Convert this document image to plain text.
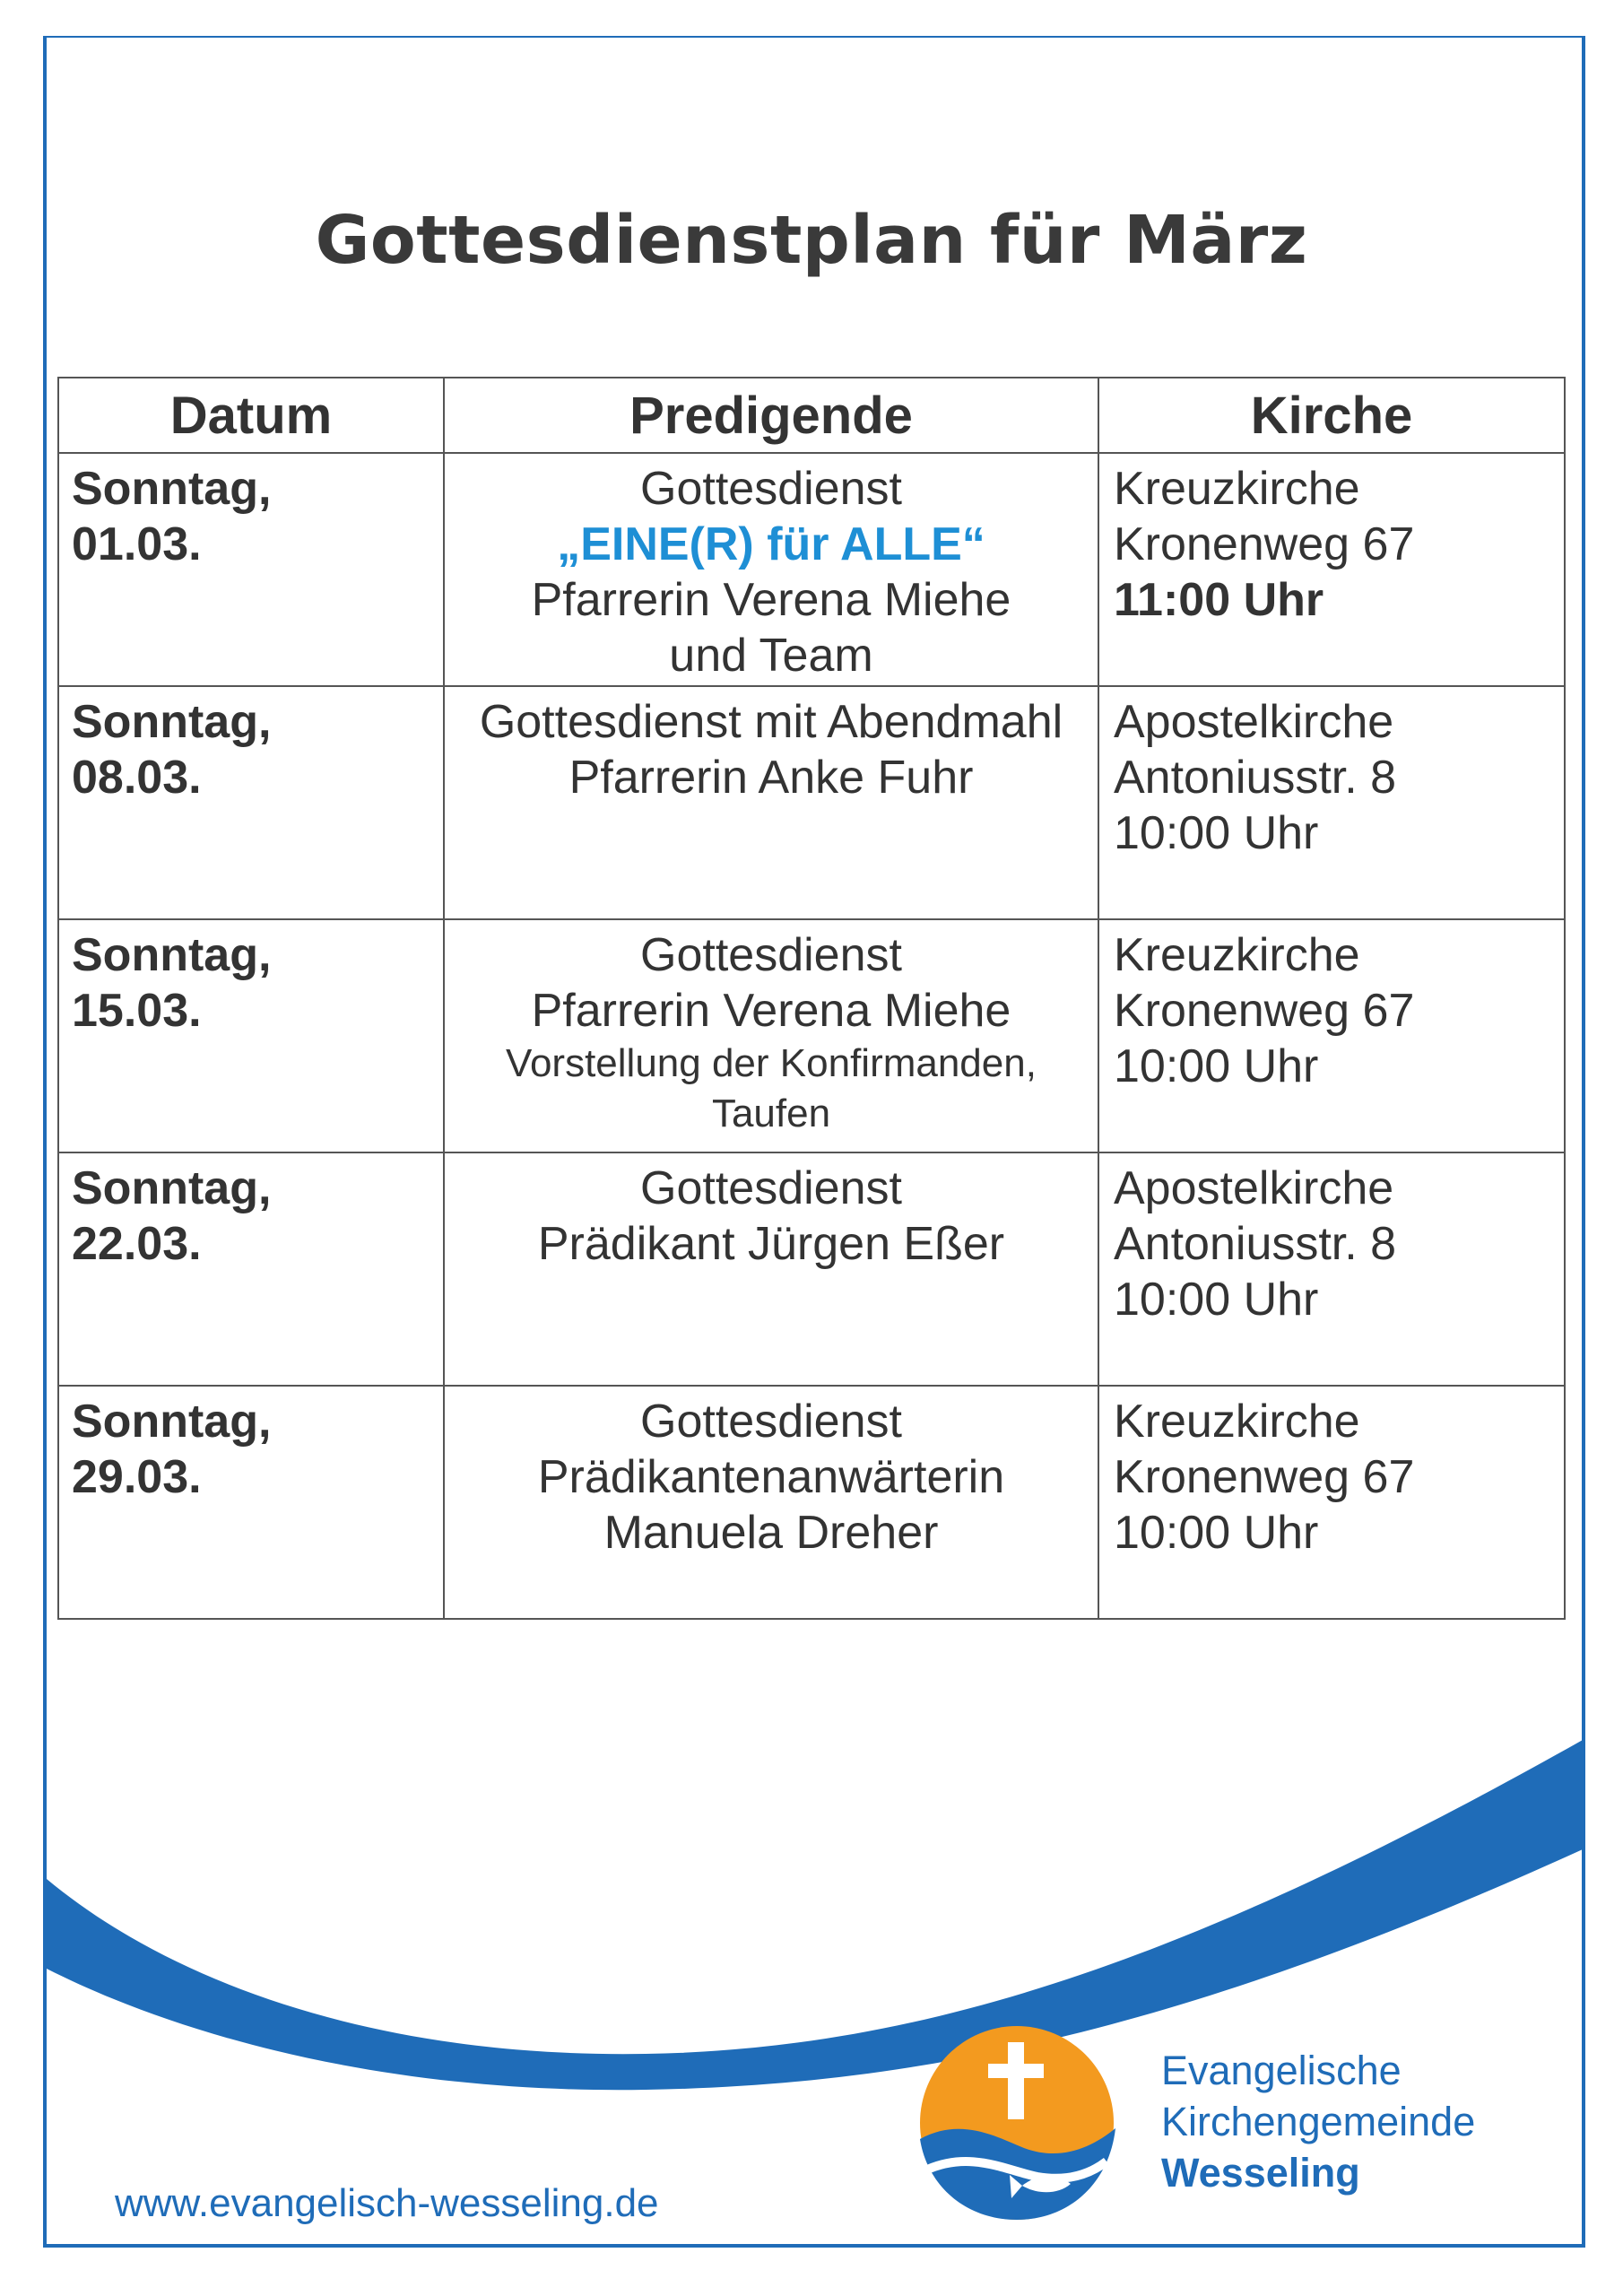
Gottesdienstplan für März
Datum	Predigende	Kirche

Sonntag,
01.03.	Gottesdienst
„EINE(R) für ALLE“
Pfarrerin Verena Miehe
und Team	Kreuzkirche
Kronenweg 67
11:00 Uhr

Sonntag,
08.03.	Gottesdienst mit Abendmahl
Pfarrerin Anke Fuhr	Apostelkirche
Antoniusstr. 8
10:00 Uhr

Sonntag,
15.03.	Gottesdienst
Pfarrerin Verena Miehe
Vorstellung der Konfirmanden,
Taufen	Kreuzkirche
Kronenweg 67
10:00 Uhr

Sonntag,
22.03.	Gottesdienst
Prädikant Jürgen Eßer	Apostelkirche
Antoniusstr. 8
10:00 Uhr

Sonntag,
29.03.	Gottesdienst
Prädikantenanwärterin
Manuela Dreher	Kreuzkirche
Kronenweg 67
10:00 Uhr
Evangelische
Kirchengemeinde
Wesseling
www.evangelisch-wesseling.de
